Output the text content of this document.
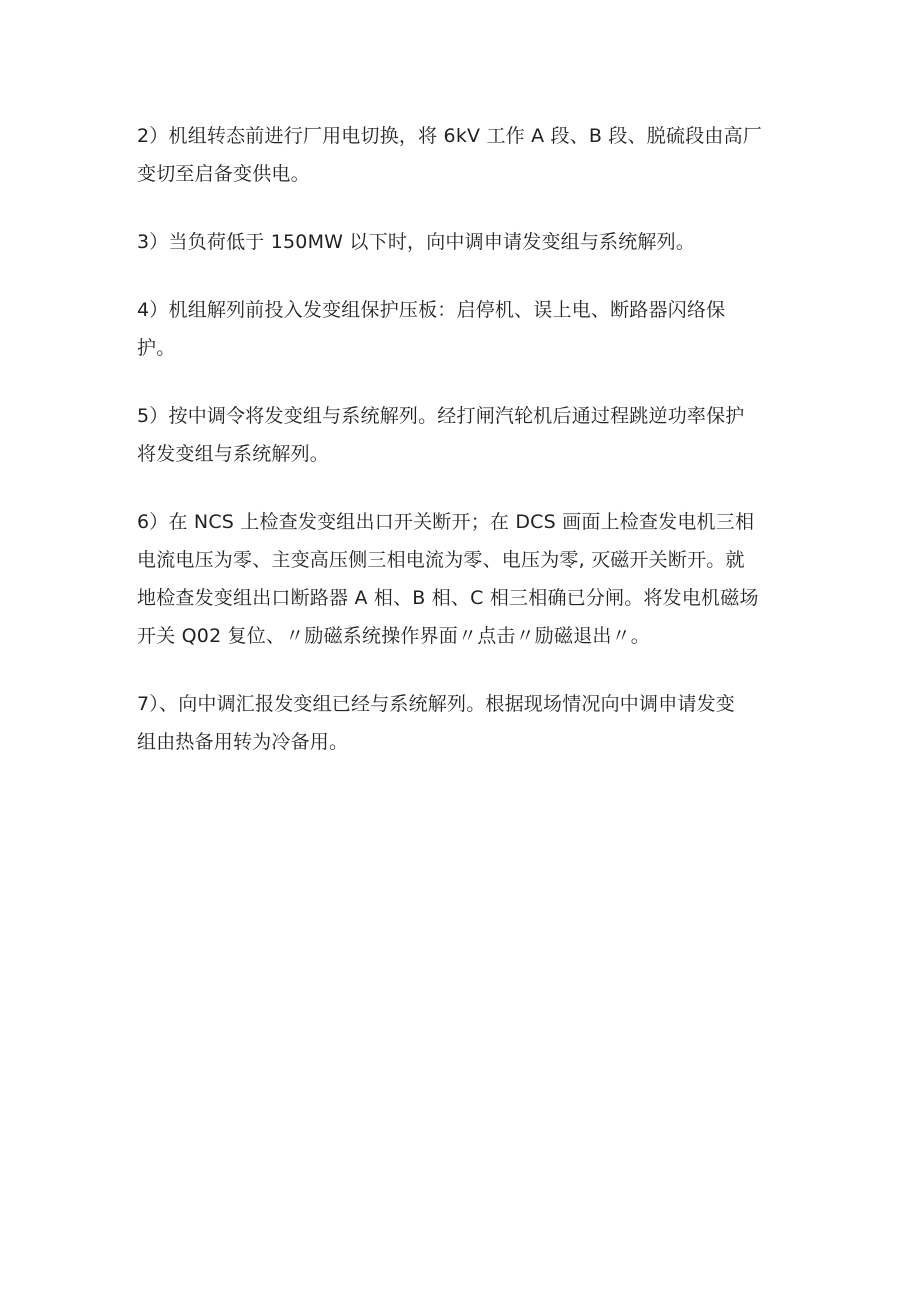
2）机组转态前进行厂用电切换，将 6kV 工作 A 段、B 段、脱硫段由高厂
变切至启备变供电。

3）当负荷低于 150MW 以下时，向中调申请发变组与系统解列。

4）机组解列前投入发变组保护压板：启停机、误上电、断路器闪络保
护。

5）按中调令将发变组与系统解列。经打闸汽轮机后通过程跳逆功率保护
将发变组与系统解列。

6）在 NCS 上检查发变组出口开关断开；在 DCS 画面上检查发电机三相
电流电压为零、主变高压侧三相电流为零、电压为零, 灭磁开关断开。就
地检查发变组出口断路器 A 相、B 相、C 相三相确已分闸。将发电机磁场
开关 Q02 复位、〃励磁系统操作界面〃点击〃励磁退出〃。

7）、向中调汇报发变组已经与系统解列。根据现场情况向中调申请发变
组由热备用转为冷备用。
